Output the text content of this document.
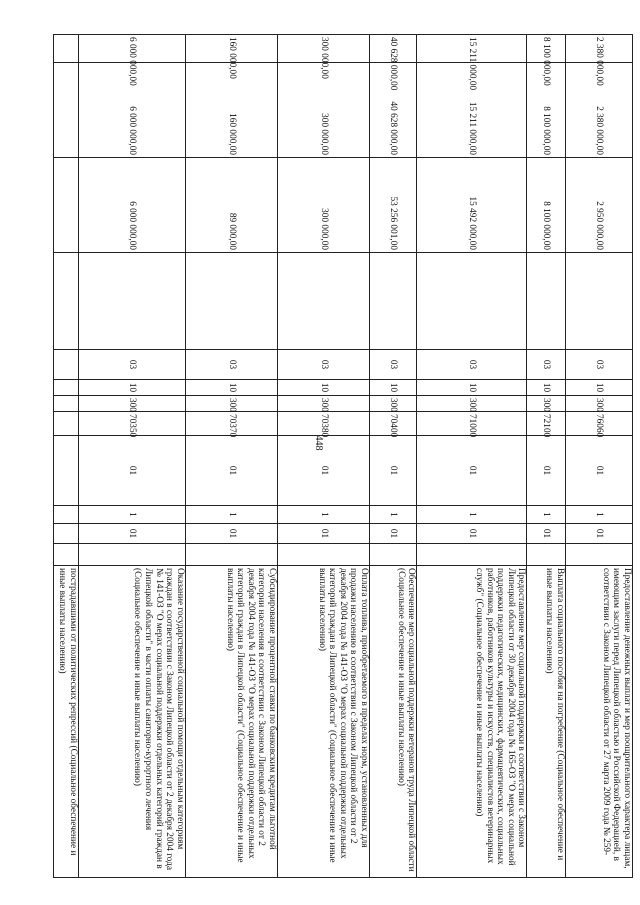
448
2 380 000,00	2 380 000,00	2 950 000,00		03	10	300	76060	01	1	01		Предоставление денежных выплат и мер поощрительного характера лицам, имеющим заслуги перед Липецкой областью и Российской Федерацией, в соответствии с Законом Липецкой области от 27 марта 2009 года № 259-
8 100 000,00	8 100 000,00	8 100 000,00		03	10	300	72100	01	1	01		Выплата социального пособия на погребение (Социальное обеспечение и иные выплаты населению)
15 211 000,00	15 211 000,00	15 492 000,00		03	10	300	71000	01	1	01		Предоставление мер социальной поддержки в соответствии с Законом Липецкой области от 30 декабря 2004 года № 165-ОЗ "О мерах социальной поддержки педагогических, медицинских, фармацевтических, социальных работников, работников культуры и искусств, специалистов ветеринарных служб" (Социальное обеспечение и иные выплаты населению)
40 628 000,00	40 628 000,00	53 256 001,00		03	10	300	70400	01	1	01		Обеспечение мер социальной поддержки ветеранов труда Липецкой области (Социальное обеспечение и иные выплаты населению)
300 000,00	300 000,00	300 000,00		03	10	300	70380	01	1	01		Оплата топлива, приобретаемого в пределах норм, установленных для продажи населению в соответствии с Законом Липецкой области от 2 декабря 2004 года № 141-ОЗ "О мерах социальной поддержки отдельных категорий граждан в Липецкой области" (Социальное обеспечение и иные выплаты населению)
160 000,00	160 000,00	89 000,00		03	10	300	70370	01	1	01		Субсидирование процентной ставки по банковским кредитам льготной категории населения в соответствии с Законом Липецкой области от 2 декабря 2004 года № 141-ОЗ "О мерах социальной поддержки отдельных категорий граждан в Липецкой области" (Социальное обеспечение и иные выплаты населению)
6 000 000,00	6 000 000,00	6 000 000,00		03	10	300	70350	01	1	01		Оказание государственной социальной помощи отдельным категориям граждан в соответствии с Законом Липецкой области от 2 декабря 2004 года № 141-ОЗ "О мерах социальной поддержки отдельных категорий граждан в Липецкой области" в части оплаты санаторно-курортного лечения (Социальное обеспечение и иные выплаты населению)
												пострадавшими от политических репрессий (Социальное обеспечение и иные выплаты населению)
